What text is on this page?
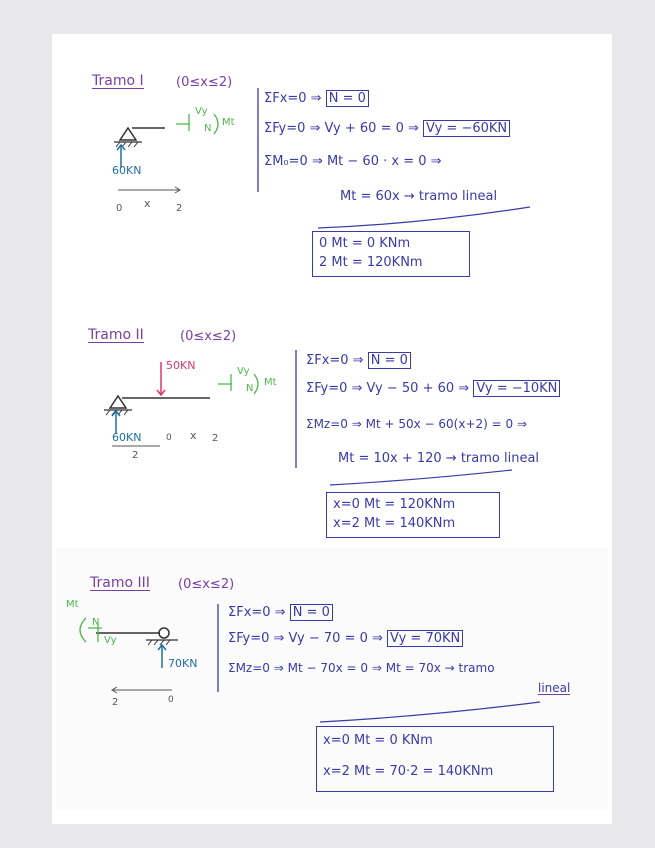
Tramo I (0≤x≤2)
60KN
Vy
N
Mt
0 x	2
ΣFx=0 ⇒ N = 0
ΣFy=0 ⇒ Vy + 60 = 0 ⇒ Vy = −60KN
ΣM₀=0 ⇒ Mt − 60 · x = 0 ⇒
Mt = 60x → tramo lineal
0 Mt = 0 KNm
2 Mt = 120KNm
Tramo II	(0≤x≤2)
50KN
60KN
Vy
N
Mt
2
0 x 2
ΣFx=0 ⇒ N = 0
ΣFy=0 ⇒ Vy − 50 + 60 ⇒ Vy = −10KN
ΣMz=0 ⇒ Mt + 50x − 60(x+2) = 0 ⇒
Mt = 10x + 120 → tramo lineal
x=0 Mt = 120KNm
x=2 Mt = 140KNm
Tramo III (0≤x≤2)
Mt
N
Vy
70KN
2	0
ΣFx=0 ⇒ N = 0
ΣFy=0 ⇒ Vy − 70 = 0 ⇒ Vy = 70KN
ΣMz=0 ⇒ Mt − 70x = 0 ⇒ Mt = 70x → tramo
lineal
x=0 Mt = 0 KNm
x=2 Mt = 70·2 = 140KNm
